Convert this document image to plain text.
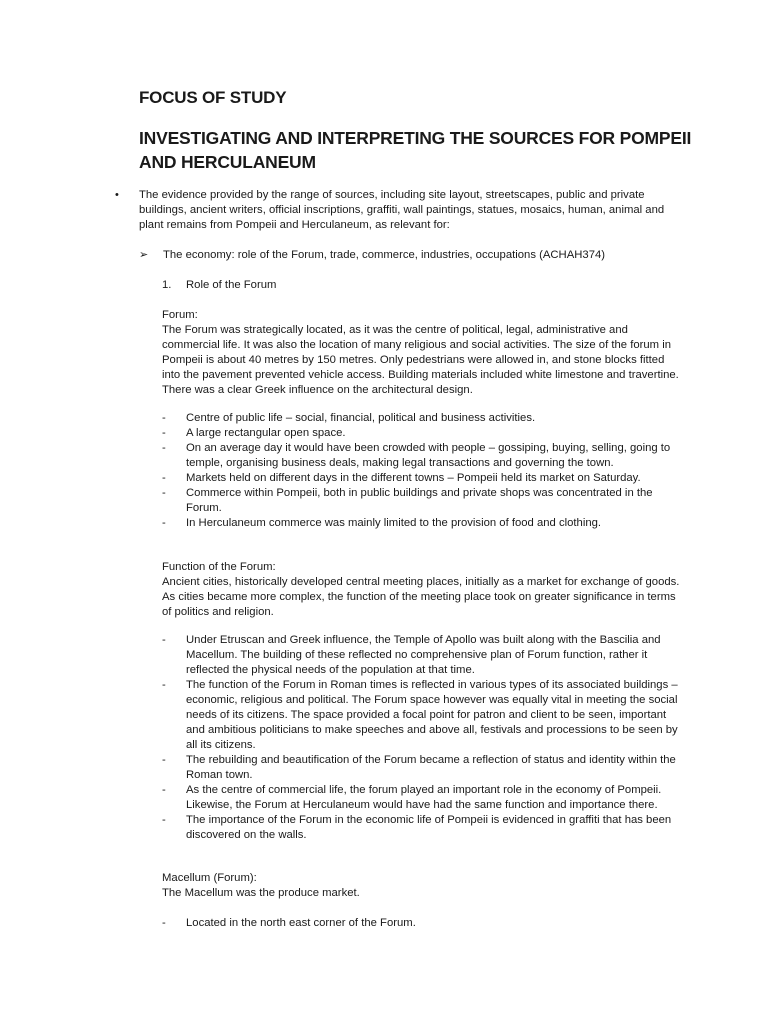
FOCUS OF STUDY
INVESTIGATING AND INTERPRETING THE SOURCES FOR POMPEII AND HERCULANEUM
• The evidence provided by the range of sources, including site layout, streetscapes, public and private buildings, ancient writers, official inscriptions, graffiti, wall paintings, statues, mosaics, human, animal and plant remains from Pompeii and Herculaneum, as relevant for:
➢ The economy: role of the Forum, trade, commerce, industries, occupations (ACHAH374)
1. Role of the Forum

Forum:

The Forum was strategically located, as it was the centre of political, legal, administrative and commercial life. It was also the location of many religious and social activities. The size of the forum in Pompeii is about 40 metres by 150 metres. Only pedestrians were allowed in, and stone blocks fitted into the pavement prevented vehicle access. Building materials included white limestone and travertine. There was a clear Greek influence on the architectural design.

- Centre of public life – social, financial, political and business activities.
- A large rectangular open space.
- On an average day it would have been crowded with people – gossiping, buying, selling, going to temple, organising business deals, making legal transactions and governing the town.
- Markets held on different days in the different towns – Pompeii held its market on Saturday.
- Commerce within Pompeii, both in public buildings and private shops was concentrated in the Forum.
- In Herculaneum commerce was mainly limited to the provision of food and clothing.

Function of the Forum:

Ancient cities, historically developed central meeting places, initially as a market for exchange of goods. As cities became more complex, the function of the meeting place took on greater significance in terms of politics and religion.

- Under Etruscan and Greek influence, the Temple of Apollo was built along with the Bascilia and Macellum. The building of these reflected no comprehensive plan of Forum function, rather it reflected the physical needs of the population at that time.
- The function of the Forum in Roman times is reflected in various types of its associated buildings – economic, religious and political. The Forum space however was equally vital in meeting the social needs of its citizens. The space provided a focal point for patron and client to be seen, important and ambitious politicians to make speeches and above all, festivals and processions to be seen by all its citizens.
- The rebuilding and beautification of the Forum became a reflection of status and identity within the Roman town.
- As the centre of commercial life, the forum played an important role in the economy of Pompeii. Likewise, the Forum at Herculaneum would have had the same function and importance there.
- The importance of the Forum in the economic life of Pompeii is evidenced in graffiti that has been discovered on the walls.

Macellum (Forum):

The Macellum was the produce market.

- Located in the north east corner of the Forum.
